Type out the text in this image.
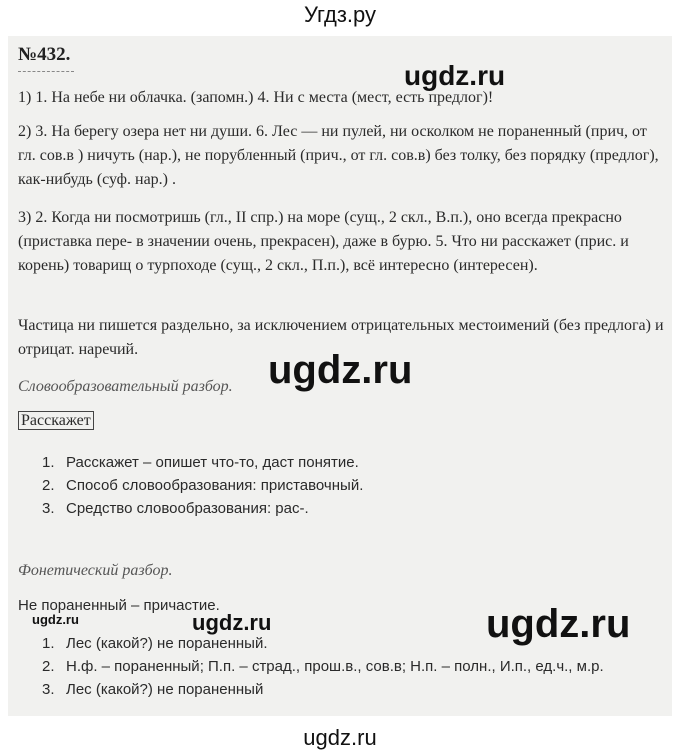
Угдз.ру
№432.
ugdz.ru

1) 1. На небе ни облачка. (запомн.) 4. Ни с места (мест, есть предлог)!

2) 3. На берегу озера нет ни души. 6. Лес — ни пулей, ни осколком не пораненный (прич, от гл. сов.в ) ничуть (нар.), не порубленный (прич., от гл. сов.в) без толку, без порядку (предлог), как-нибудь (суф. нар.) .

3) 2. Когда ни посмотришь (гл., II спр.) на море (сущ., 2 скл., В.п.), оно всегда прекрасно (приставка пере- в значении очень, прекрасен), даже в бурю. 5. Что ни расскажет (прис. и корень) товарищ о турпоходе (сущ., 2 скл., П.п.), всё интересно (интересен).

Частица ни пишется раздельно, за исключением отрицательных местоимений (без предлога) и отрицат. наречий.	ugdz.ru

Словообразовательный разбор.

Расскажет
1. Расскажет – опишет что-то, даст понятие.
2. Способ словообразования: приставочный.
3. Средство словообразования: рас-.

Фонетический разбор.

Не пораненный – причастие.

ugdz.ru	ugdz.ru	ugdz.ru
1. Лес (какой?) не пораненный.
2. Н.ф. – пораненный; П.п. – страд., прош.в., сов.в; Н.п. – полн., И.п., ед.ч., м.р.
3. Лес (какой?) не пораненный
ugdz.ru
